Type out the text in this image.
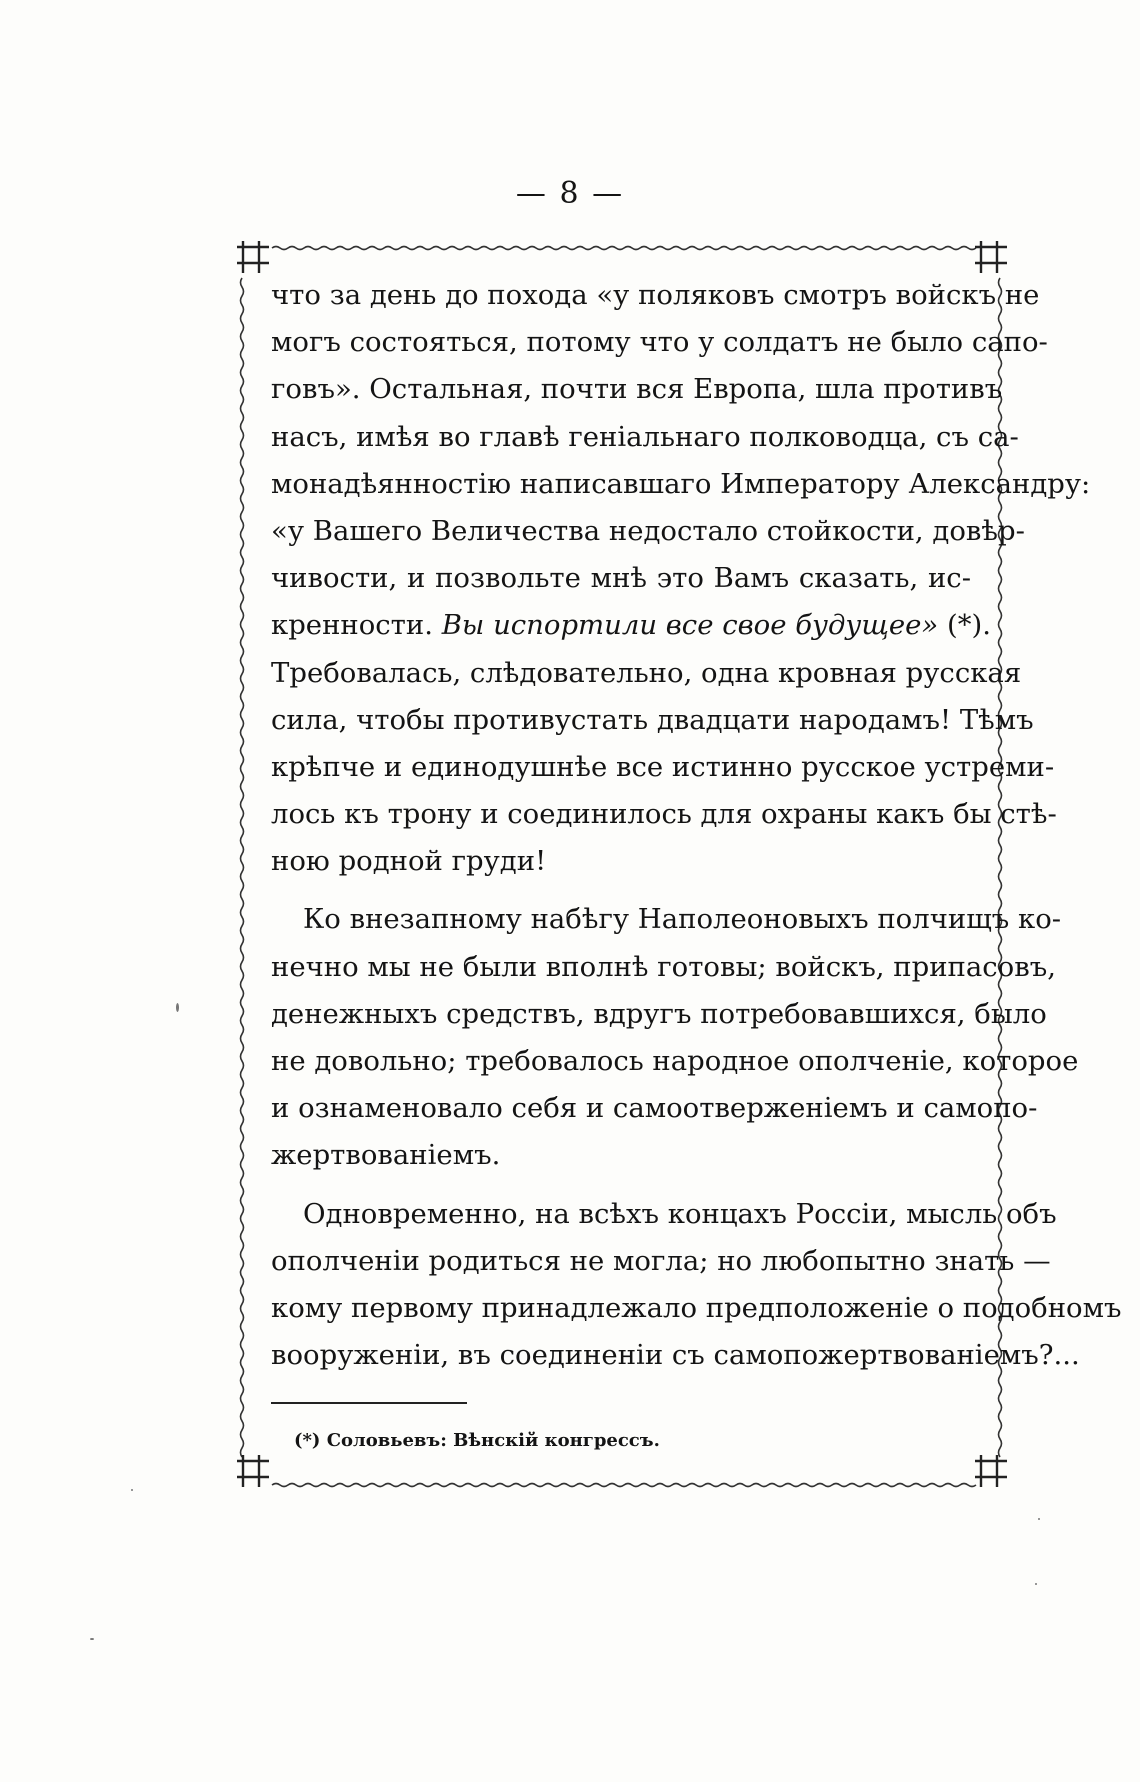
— 8 —
что за день до похода «у поляковъ смотръ войскъ не
могъ состояться, потому что у солдатъ не было сапо-
говъ». Остальная, почти вся Европа, шла противъ
насъ, имѣя во главѣ геніальнаго полководца, съ са-
монадѣянностію написавшаго Императору Александру:
«у Вашего Величества недостало стойкости, довѣр-
чивости, и позвольте мнѣ это Вамъ сказать, ис-
кренности. Вы испортили все свое будущее» (*).
Требовалась, слѣдовательно, одна кровная русская
сила, чтобы противустать двадцати народамъ! Тѣмъ
крѣпче и единодушнѣе все истинно русское устреми-
лось къ трону и соединилось для охраны какъ бы стѣ-
ною родной груди!
Ко внезапному набѣгу Наполеоновыхъ полчищъ ко-
нечно мы не были вполнѣ готовы; войскъ, припасовъ,
денежныхъ средствъ, вдругъ потребовавшихся, было
не довольно; требовалось народное ополченіе, которое
и ознаменовало себя и самоотверженіемъ и самопо-
жертвованіемъ.
Одновременно, на всѣхъ концахъ Россіи, мысль объ
ополченіи родиться не могла; но любопытно знать —
кому первому принадлежало предположеніе о подобномъ
вооруженіи, въ соединеніи съ самопожертвованіемъ?...
(*) Соловьевъ: Вѣнскій конгрессъ.
